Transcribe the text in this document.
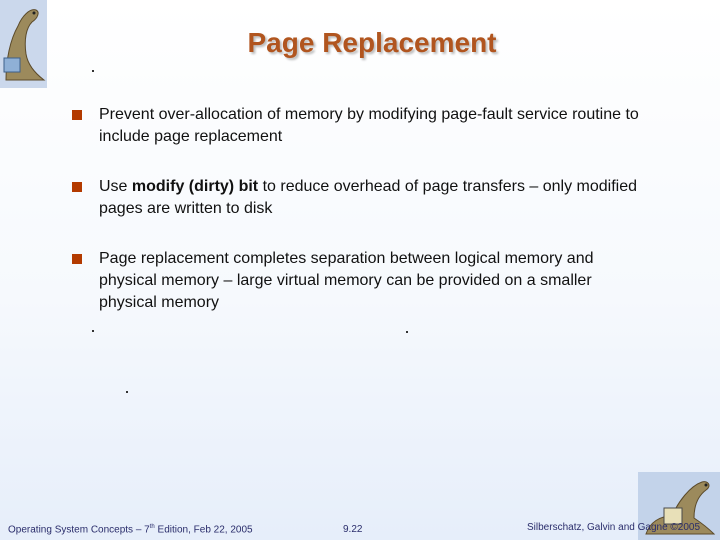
Page Replacement
Prevent over-allocation of memory by modifying page-fault service routine to include page replacement
Use modify (dirty) bit to reduce overhead of page transfers – only modified pages are written to disk
Page replacement completes separation between logical memory and physical memory – large virtual memory can be provided on a smaller physical memory
Operating System Concepts – 7th Edition, Feb 22, 2005	9.22	Silberschatz, Galvin and Gagne ©2005
